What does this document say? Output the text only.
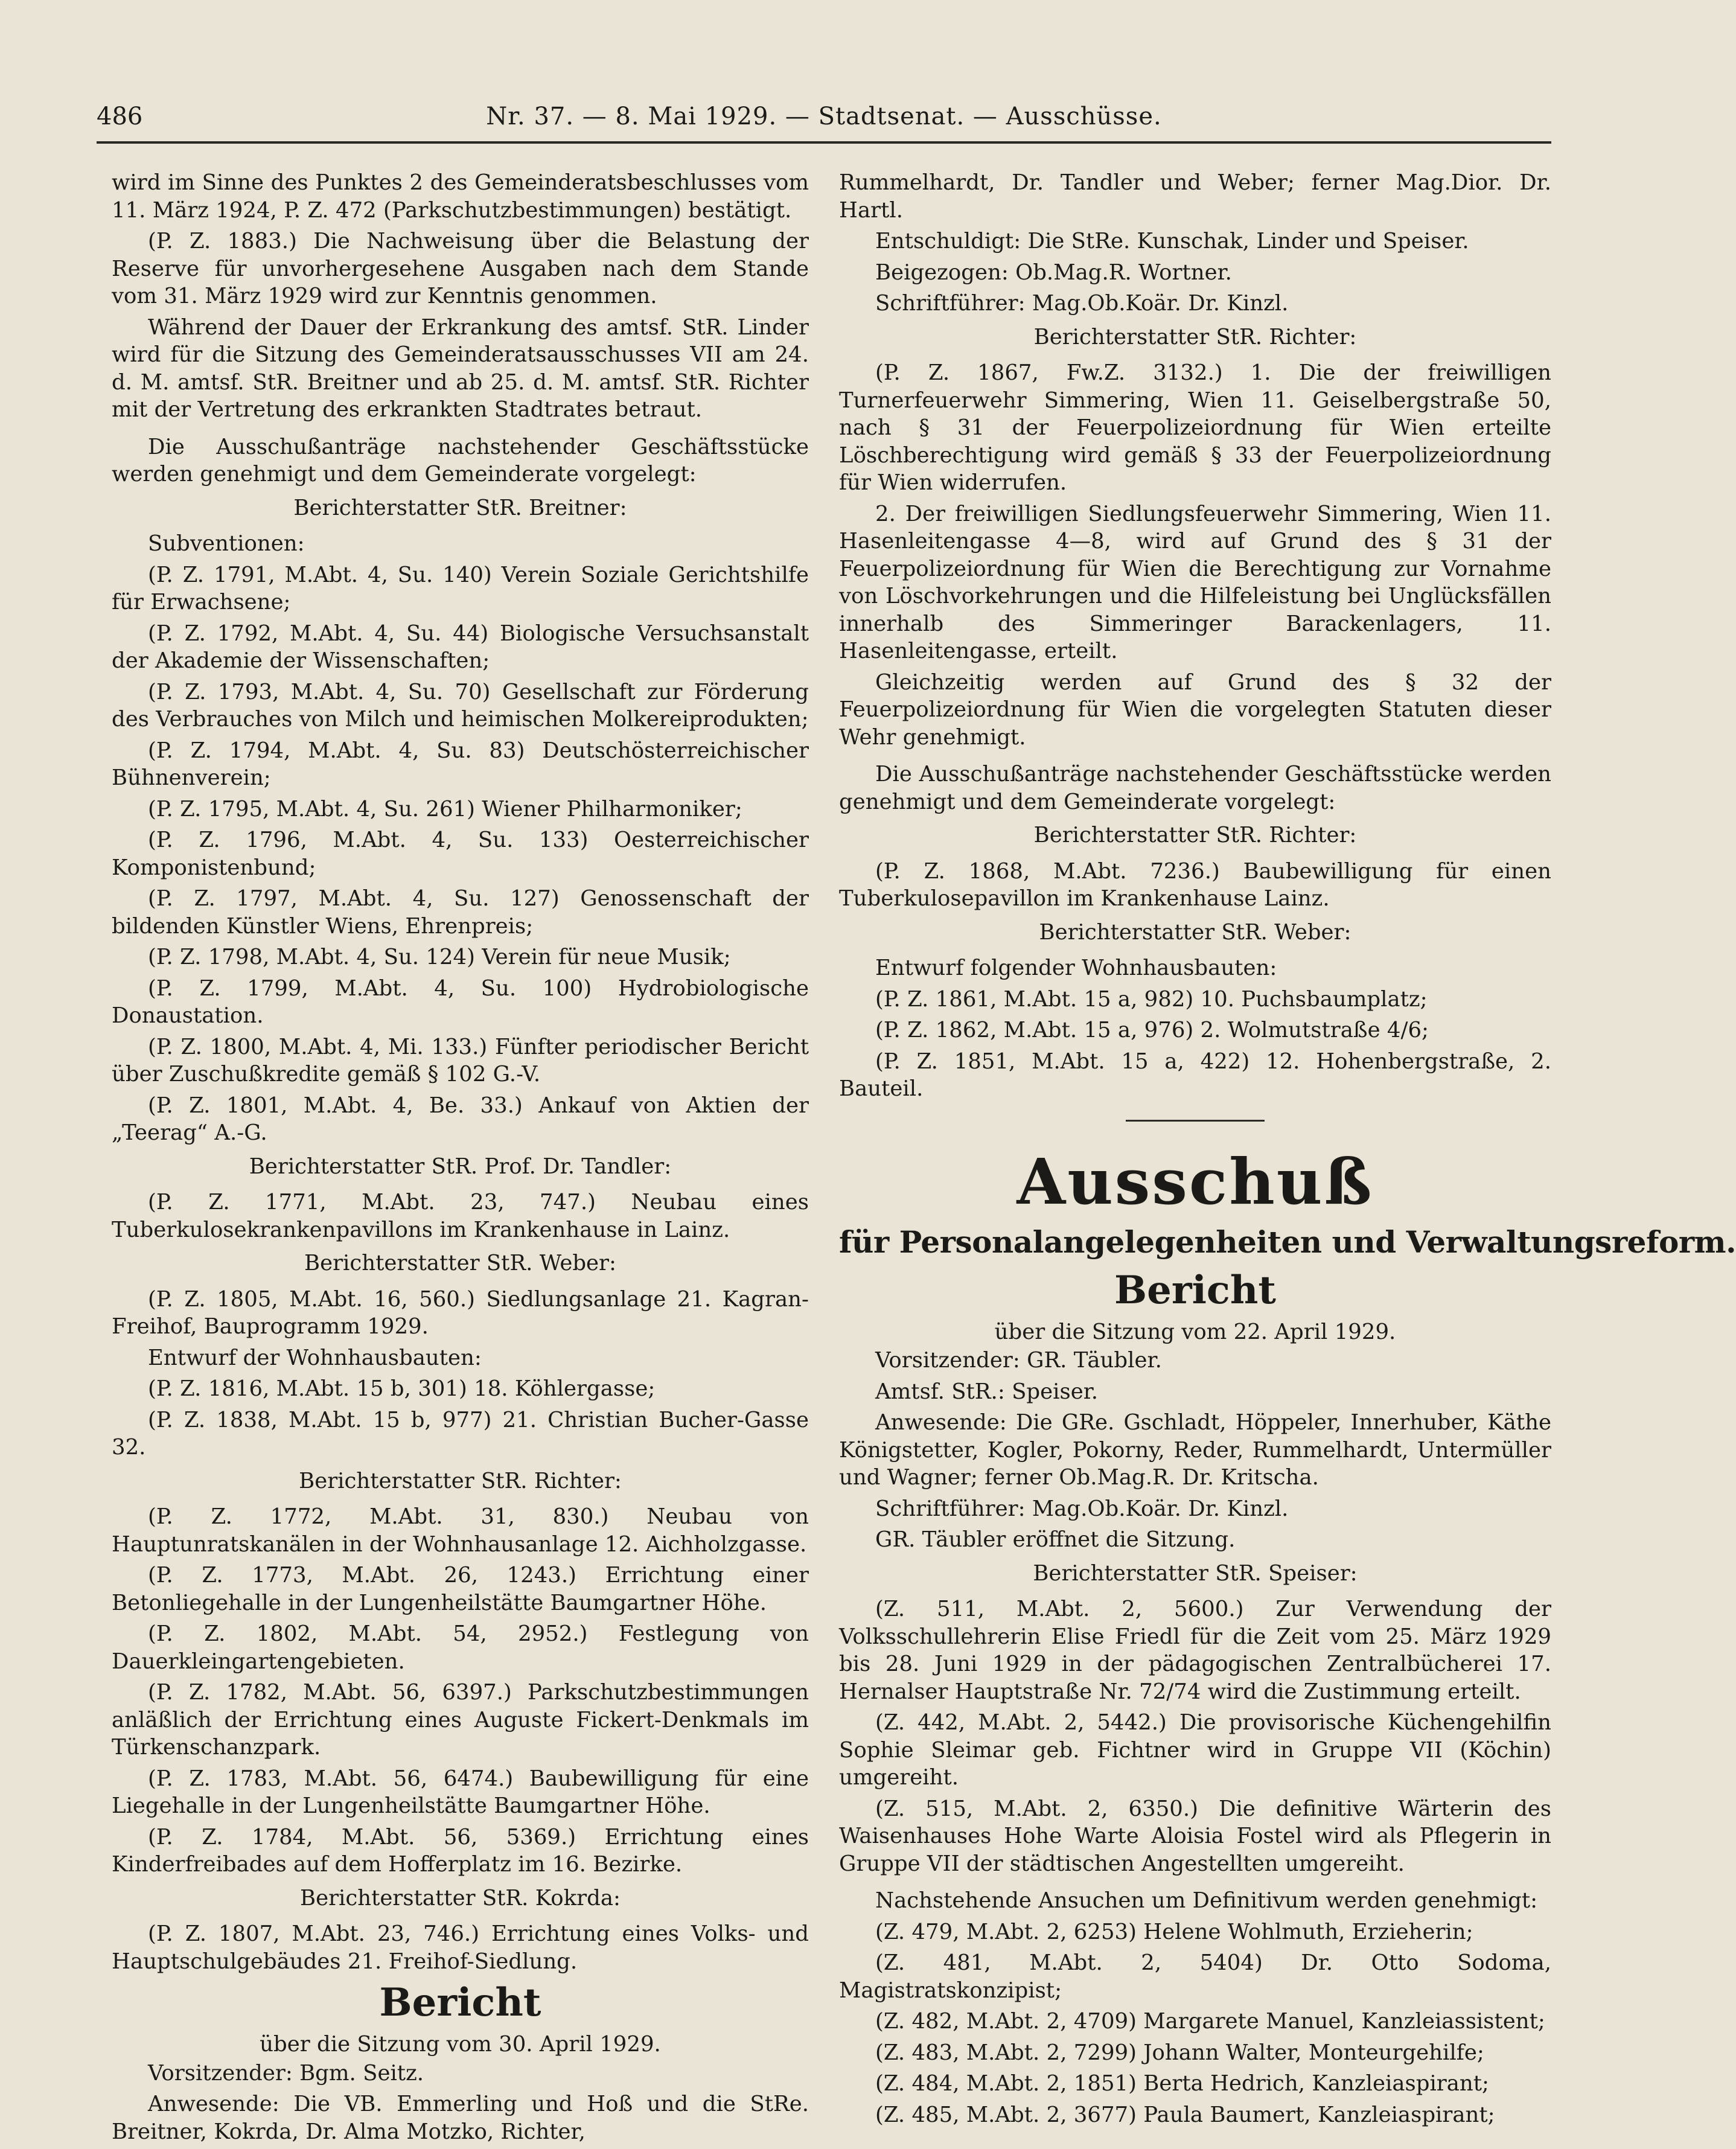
486	Nr. 37. — 8. Mai 1929. — Stadtsenat. — Ausschüsse.

wird im Sinne des Punktes 2 des Gemeinderatsbeschlusses vom 11. März 1924, P. Z. 472 (Parkschutzbestimmungen) bestätigt.

(P. Z. 1883.) Die Nachweisung über die Belastung der Reserve für unvorhergesehene Ausgaben nach dem Stande vom 31. März 1929 wird zur Kenntnis genommen.

Während der Dauer der Erkrankung des amtsf. StR. Linder wird für die Sitzung des Gemeinderatsausschusses VII am 24. d. M. amtsf. StR. Breitner und ab 25. d. M. amtsf. StR. Richter mit der Vertretung des erkrankten Stadtrates betraut.

Die Ausschußanträge nachstehender Geschäftsstücke werden genehmigt und dem Gemeinderate vorgelegt:

Berichterstatter StR. Breitner:

Subventionen:

(P. Z. 1791, M.Abt. 4, Su. 140) Verein Soziale Gerichtshilfe für Erwachsene;

(P. Z. 1792, M.Abt. 4, Su. 44) Biologische Versuchsanstalt der Akademie der Wissenschaften;

(P. Z. 1793, M.Abt. 4, Su. 70) Gesellschaft zur Förderung des Verbrauches von Milch und heimischen Molkereiprodukten;

(P. Z. 1794, M.Abt. 4, Su. 83) Deutschösterreichischer Bühnenverein;

(P. Z. 1795, M.Abt. 4, Su. 261) Wiener Philharmoniker;

(P. Z. 1796, M.Abt. 4, Su. 133) Oesterreichischer Komponistenbund;

(P. Z. 1797, M.Abt. 4, Su. 127) Genossenschaft der bildenden Künstler Wiens, Ehrenpreis;

(P. Z. 1798, M.Abt. 4, Su. 124) Verein für neue Musik;

(P. Z. 1799, M.Abt. 4, Su. 100) Hydrobiologische Donaustation.

(P. Z. 1800, M.Abt. 4, Mi. 133.) Fünfter periodischer Bericht über Zuschußkredite gemäß § 102 G.-V.

(P. Z. 1801, M.Abt. 4, Be. 33.) Ankauf von Aktien der „Teerag“ A.-G.

Berichterstatter StR. Prof. Dr. Tandler:

(P. Z. 1771, M.Abt. 23, 747.) Neubau eines Tuberkulosekrankenpavillons im Krankenhause in Lainz.

Berichterstatter StR. Weber:

(P. Z. 1805, M.Abt. 16, 560.) Siedlungsanlage 21. Kagran-Freihof, Bauprogramm 1929.

Entwurf der Wohnhausbauten:

(P. Z. 1816, M.Abt. 15 b, 301) 18. Köhlergasse;

(P. Z. 1838, M.Abt. 15 b, 977) 21. Christian Bucher-Gasse 32.

Berichterstatter StR. Richter:

(P. Z. 1772, M.Abt. 31, 830.) Neubau von Hauptunratskanälen in der Wohnhausanlage 12. Aichholzgasse.

(P. Z. 1773, M.Abt. 26, 1243.) Errichtung einer Betonliegehalle in der Lungenheilstätte Baumgartner Höhe.

(P. Z. 1802, M.Abt. 54, 2952.) Festlegung von Dauerkleingartengebieten.

(P. Z. 1782, M.Abt. 56, 6397.) Parkschutzbestimmungen anläßlich der Errichtung eines Auguste Fickert-Denkmals im Türkenschanzpark.

(P. Z. 1783, M.Abt. 56, 6474.) Baubewilligung für eine Liegehalle in der Lungenheilstätte Baumgartner Höhe.

(P. Z. 1784, M.Abt. 56, 5369.) Errichtung eines Kinderfreibades auf dem Hofferplatz im 16. Bezirke.

Berichterstatter StR. Kokrda:

(P. Z. 1807, M.Abt. 23, 746.) Errichtung eines Volks- und Hauptschulgebäudes 21. Freihof-Siedlung.

Bericht

über die Sitzung vom 30. April 1929.

Vorsitzender: Bgm. Seitz.

Anwesende: Die VB. Emmerling und Hoß und die StRe. Breitner, Kokrda, Dr. Alma Motzko, Richter,

Rummelhardt, Dr. Tandler und Weber; ferner Mag.Dior. Dr. Hartl.

Entschuldigt: Die StRe. Kunschak, Linder und Speiser.

Beigezogen: Ob.Mag.R. Wortner.

Schriftführer: Mag.Ob.Koär. Dr. Kinzl.

Berichterstatter StR. Richter:

(P. Z. 1867, Fw.Z. 3132.) 1. Die der freiwilligen Turnerfeuerwehr Simmering, Wien 11. Geiselbergstraße 50, nach § 31 der Feuerpolizeiordnung für Wien erteilte Löschberechtigung wird gemäß § 33 der Feuerpolizeiordnung für Wien widerrufen.

2. Der freiwilligen Siedlungsfeuerwehr Simmering, Wien 11. Hasenleitengasse 4—8, wird auf Grund des § 31 der Feuerpolizeiordnung für Wien die Berechtigung zur Vornahme von Löschvorkehrungen und die Hilfeleistung bei Unglücksfällen innerhalb des Simmeringer Barackenlagers, 11. Hasenleitengasse, erteilt.

Gleichzeitig werden auf Grund des § 32 der Feuerpolizeiordnung für Wien die vorgelegten Statuten dieser Wehr genehmigt.

Die Ausschußanträge nachstehender Geschäftsstücke werden genehmigt und dem Gemeinderate vorgelegt:

Berichterstatter StR. Richter:

(P. Z. 1868, M.Abt. 7236.) Baubewilligung für einen Tuberkulosepavillon im Krankenhause Lainz.

Berichterstatter StR. Weber:

Entwurf folgender Wohnhausbauten:

(P. Z. 1861, M.Abt. 15 a, 982) 10. Puchsbaumplatz;

(P. Z. 1862, M.Abt. 15 a, 976) 2. Wolmutstraße 4/6;

(P. Z. 1851, M.Abt. 15 a, 422) 12. Hohenbergstraße, 2. Bauteil.

Ausschuß
für Personalangelegenheiten und Verwaltungsreform.
Bericht

über die Sitzung vom 22. April 1929.

Vorsitzender: GR. Täubler.

Amtsf. StR.: Speiser.

Anwesende: Die GRe. Gschladt, Höppeler, Innerhuber, Käthe Königstetter, Kogler, Pokorny, Reder, Rummelhardt, Untermüller und Wagner; ferner Ob.Mag.R. Dr. Kritscha.

Schriftführer: Mag.Ob.Koär. Dr. Kinzl.

GR. Täubler eröffnet die Sitzung.

Berichterstatter StR. Speiser:

(Z. 511, M.Abt. 2, 5600.) Zur Verwendung der Volksschullehrerin Elise Friedl für die Zeit vom 25. März 1929 bis 28. Juni 1929 in der pädagogischen Zentralbücherei 17. Hernalser Hauptstraße Nr. 72/74 wird die Zustimmung erteilt.

(Z. 442, M.Abt. 2, 5442.) Die provisorische Küchengehilfin Sophie Sleimar geb. Fichtner wird in Gruppe VII (Köchin) umgereiht.

(Z. 515, M.Abt. 2, 6350.) Die definitive Wärterin des Waisenhauses Hohe Warte Aloisia Fostel wird als Pflegerin in Gruppe VII der städtischen Angestellten umgereiht.

Nachstehende Ansuchen um Definitivum werden genehmigt:

(Z. 479, M.Abt. 2, 6253) Helene Wohlmuth, Erzieherin;

(Z. 481, M.Abt. 2, 5404) Dr. Otto Sodoma, Magistratskonzipist;

(Z. 482, M.Abt. 2, 4709) Margarete Manuel, Kanzleiassistent;

(Z. 483, M.Abt. 2, 7299) Johann Walter, Monteurgehilfe;

(Z. 484, M.Abt. 2, 1851) Berta Hedrich, Kanzleiaspirant;

(Z. 485, M.Abt. 2, 3677) Paula Baumert, Kanzleiaspirant;
